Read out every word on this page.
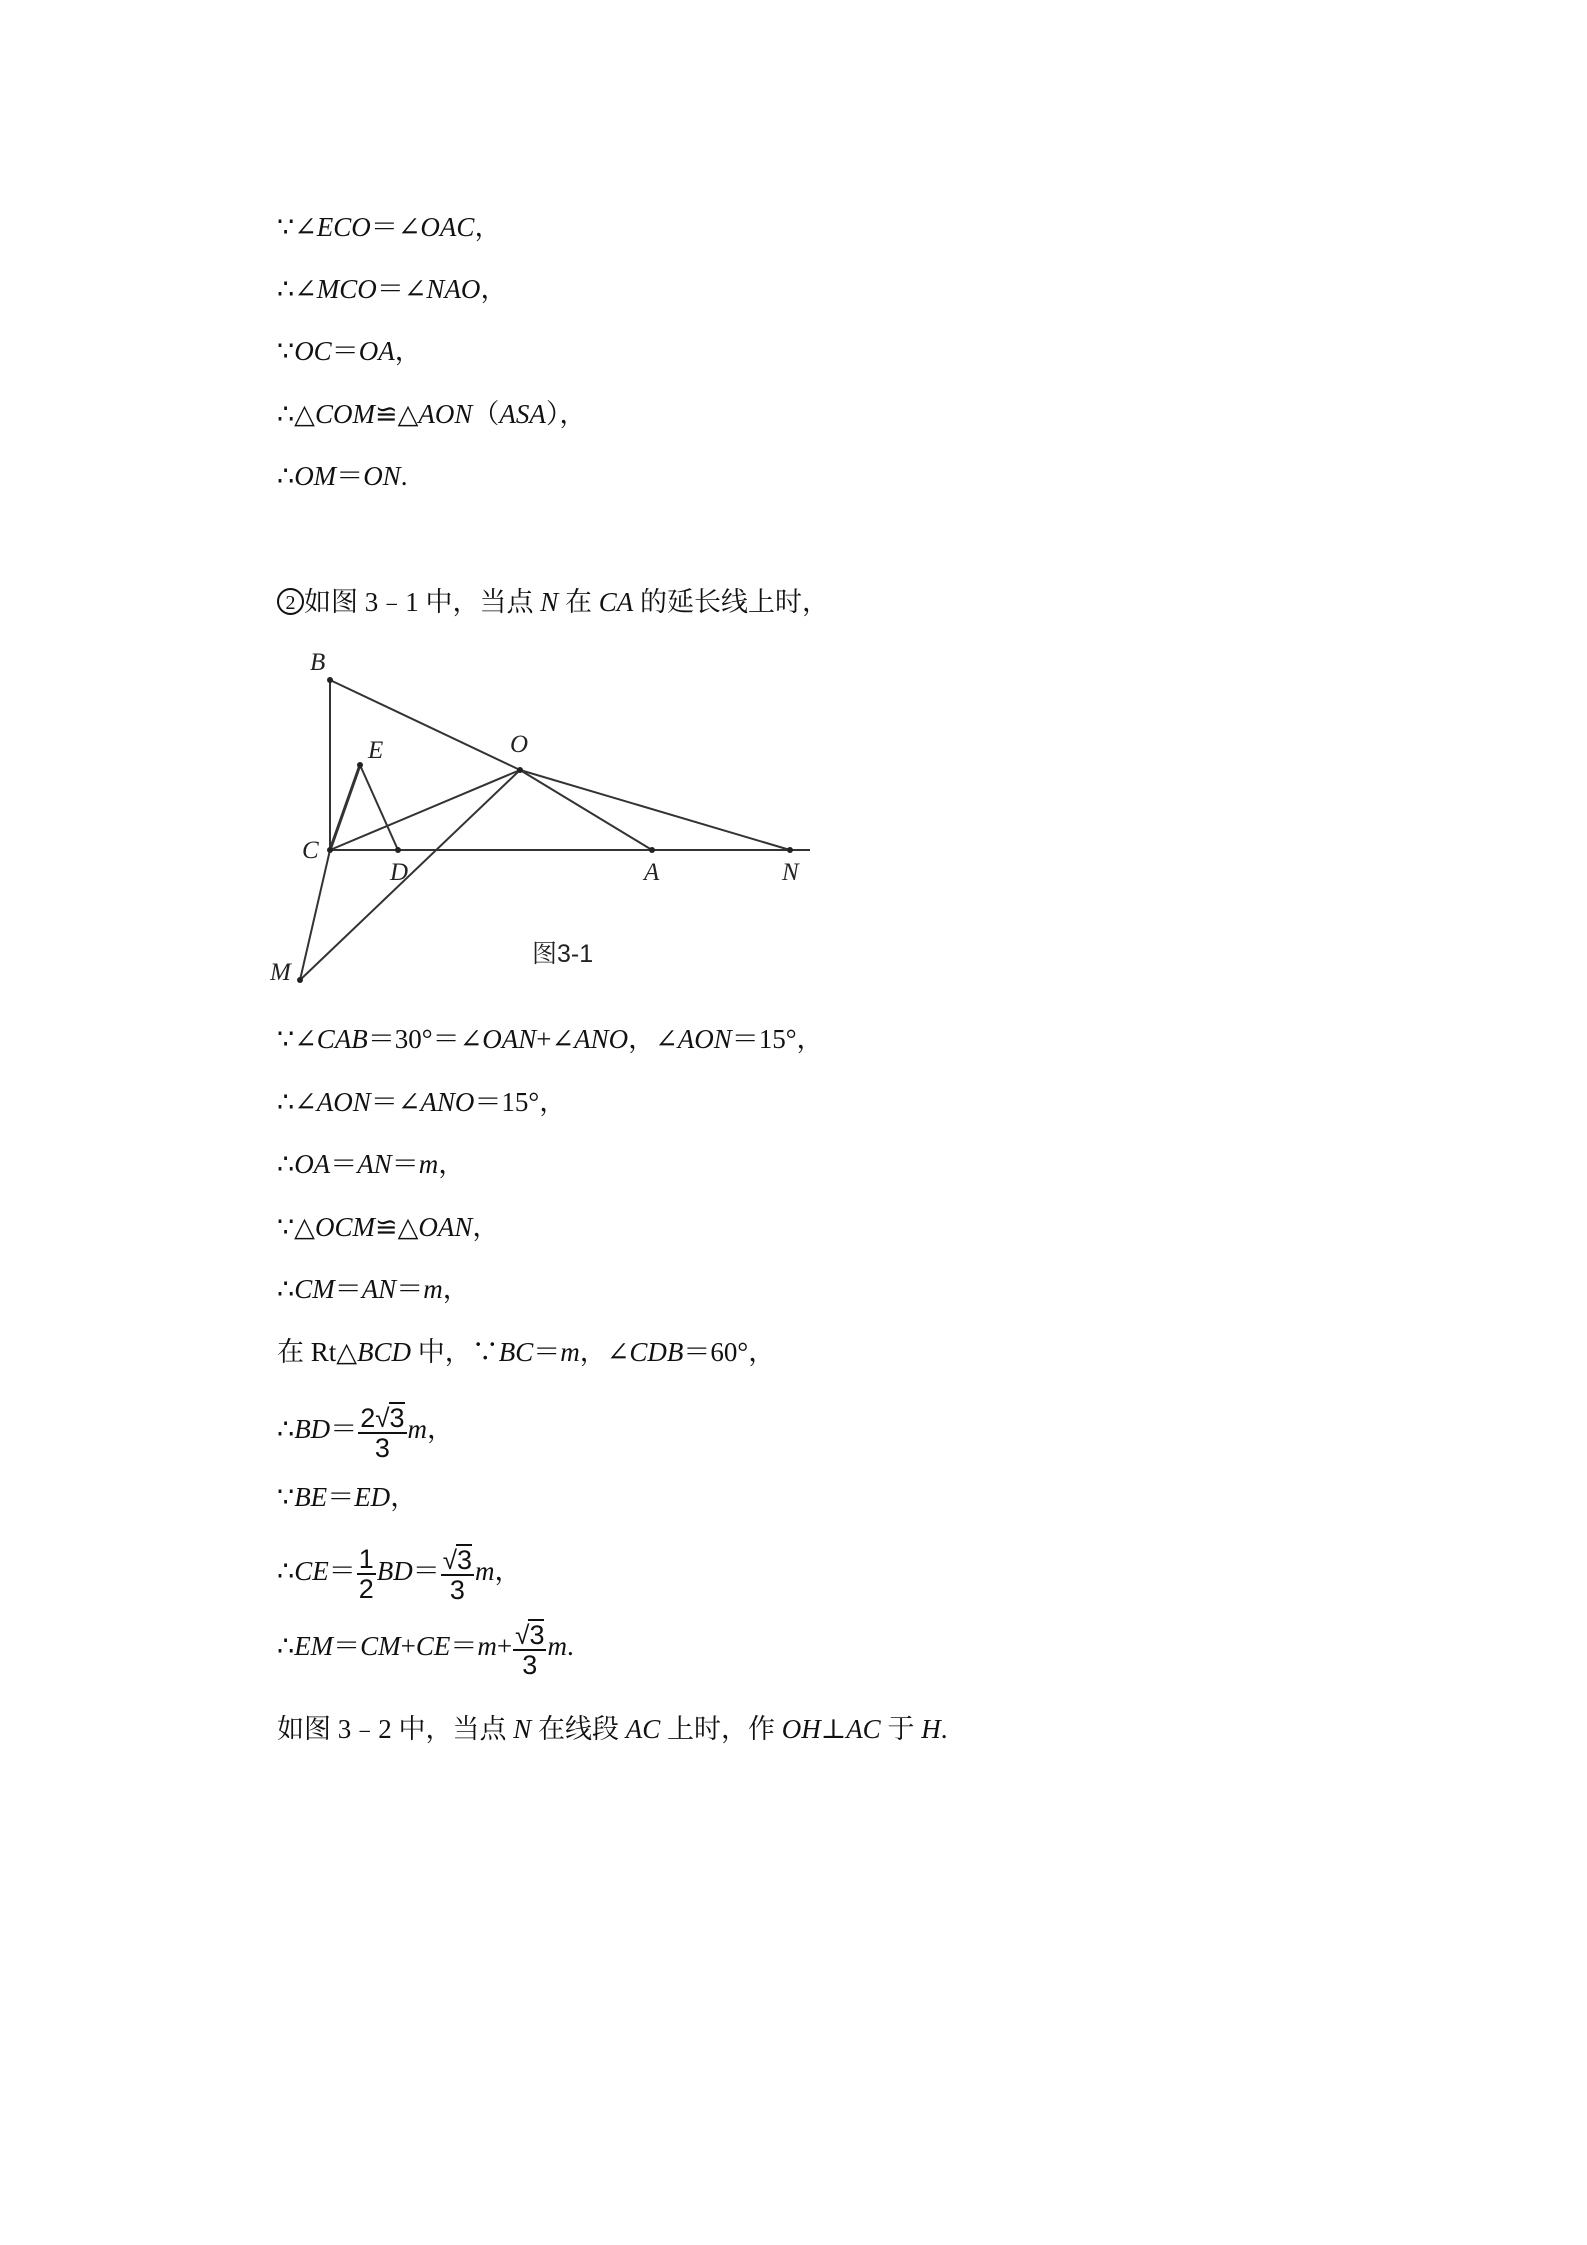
∵∠ECO＝∠OAC，
∴∠MCO＝∠NAO，
∵OC＝OA，
∴△COM≌△AON（ASA），
∴OM＝ON.
2 如图 3﹣1 中，当点 N 在 CA 的延长线上时，
B
E	O
C
D	A	N
M
图3-1
∵∠CAB＝30°＝∠OAN+∠ANO，∠AON＝15°，
∴∠AON＝∠ANO＝15°，
∴OA＝AN＝m，
∵△OCM≌△OAN，
∴CM＝AN＝m，
在 Rt△BCD 中，∵BC＝m，∠CDB＝60°，
∴BD＝ $\frac{2√3}{3}$ m，
∵BE＝ED，
∴CE＝ $\frac{1}{2} BD= \frac{√3}{3}$ m，
∴EM＝CM+CE＝m+ $\frac{√3}{3} m$.
如图 3﹣2 中，当点 N 在线段 AC 上时，作 OH⊥AC 于 H.
